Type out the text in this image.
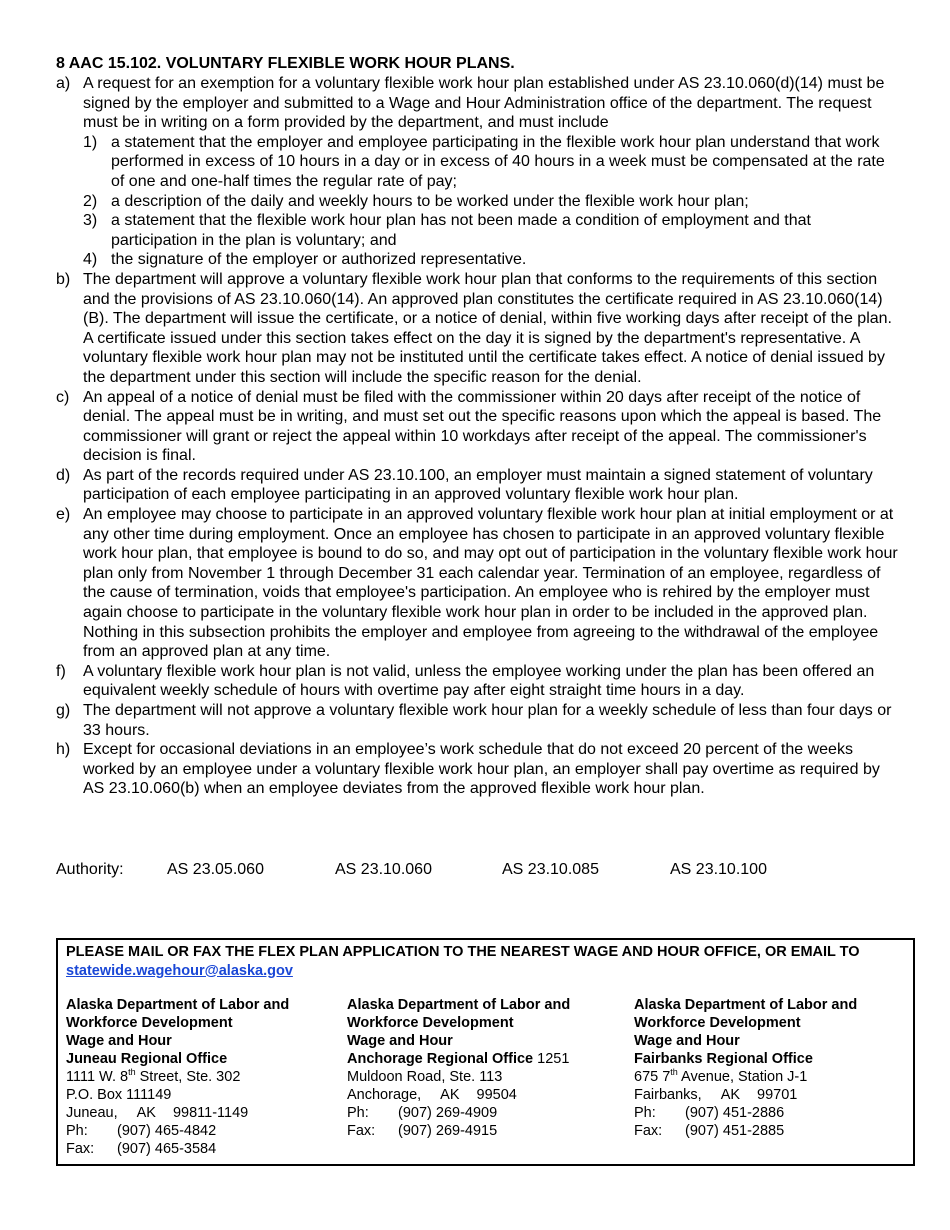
8 AAC 15.102. VOLUNTARY FLEXIBLE WORK HOUR PLANS.
a) A request for an exemption for a voluntary flexible work hour plan established under AS 23.10.060(d)(14) must be signed by the employer and submitted to a Wage and Hour Administration office of the department. The request must be in writing on a form provided by the department, and must include
1) a statement that the employer and employee participating in the flexible work hour plan understand that work performed in excess of 10 hours in a day or in excess of 40 hours in a week must be compensated at the rate of one and one-half times the regular rate of pay;
2) a description of the daily and weekly hours to be worked under the flexible work hour plan;
3) a statement that the flexible work hour plan has not been made a condition of employment and that participation in the plan is voluntary; and
4) the signature of the employer or authorized representative.
b) The department will approve a voluntary flexible work hour plan that conforms to the requirements of this section and the provisions of AS 23.10.060(14). An approved plan constitutes the certificate required in AS 23.10.060(14)(B). The department will issue the certificate, or a notice of denial, within five working days after receipt of the plan. A certificate issued under this section takes effect on the day it is signed by the department's representative. A voluntary flexible work hour plan may not be instituted until the certificate takes effect. A notice of denial issued by the department under this section will include the specific reason for the denial.
c) An appeal of a notice of denial must be filed with the commissioner within 20 days after receipt of the notice of denial. The appeal must be in writing, and must set out the specific reasons upon which the appeal is based. The commissioner will grant or reject the appeal within 10 workdays after receipt of the appeal. The commissioner's decision is final.
d) As part of the records required under AS 23.10.100, an employer must maintain a signed statement of voluntary participation of each employee participating in an approved voluntary flexible work hour plan.
e) An employee may choose to participate in an approved voluntary flexible work hour plan at initial employment or at any other time during employment. Once an employee has chosen to participate in an approved voluntary flexible work hour plan, that employee is bound to do so, and may opt out of participation in the voluntary flexible work hour plan only from November 1 through December 31 each calendar year. Termination of an employee, regardless of the cause of termination, voids that employee's participation. An employee who is rehired by the employer must again choose to participate in the voluntary flexible work hour plan in order to be included in the approved plan. Nothing in this subsection prohibits the employer and employee from agreeing to the withdrawal of the employee from an approved plan at any time.
f)	A voluntary flexible work hour plan is not valid, unless the employee working under the plan has been offered an equivalent weekly schedule of hours with overtime pay after eight straight time hours in a day.
g) The department will not approve a voluntary flexible work hour plan for a weekly schedule of less than four days or 33 hours.
h) Except for occasional deviations in an employee’s work schedule that do not exceed 20 percent of the weeks worked by an employee under a voluntary flexible work hour plan, an employer shall pay overtime as required by AS 23.10.060(b) when an employee deviates from the approved flexible work hour plan.
Authority:	AS 23.05.060	AS 23.10.060	AS 23.10.085	AS 23.10.100
PLEASE MAIL OR FAX THE FLEX PLAN APPLICATION TO THE NEAREST WAGE AND HOUR OFFICE, OR EMAIL TO statewide.wagehour@alaska.gov
Alaska Department of Labor and
Workforce Development
Wage and Hour
Juneau Regional Office
1111 W. 8th Street, Ste. 302
P.O. Box 111149
Juneau, AK 99811-1149
Ph: (907) 465-4842
Fax: (907) 465-3584
Alaska Department of Labor and
Workforce Development
Wage and Hour
Anchorage Regional Office 1251
Muldoon Road, Ste. 113
Anchorage, AK 99504
Ph: (907) 269-4909
Fax: (907) 269-4915
Alaska Department of Labor and
Workforce Development
Wage and Hour
Fairbanks Regional Office
675 7th Avenue, Station J-1
Fairbanks, AK 99701
Ph: (907) 451-2886
Fax: (907) 451-2885
